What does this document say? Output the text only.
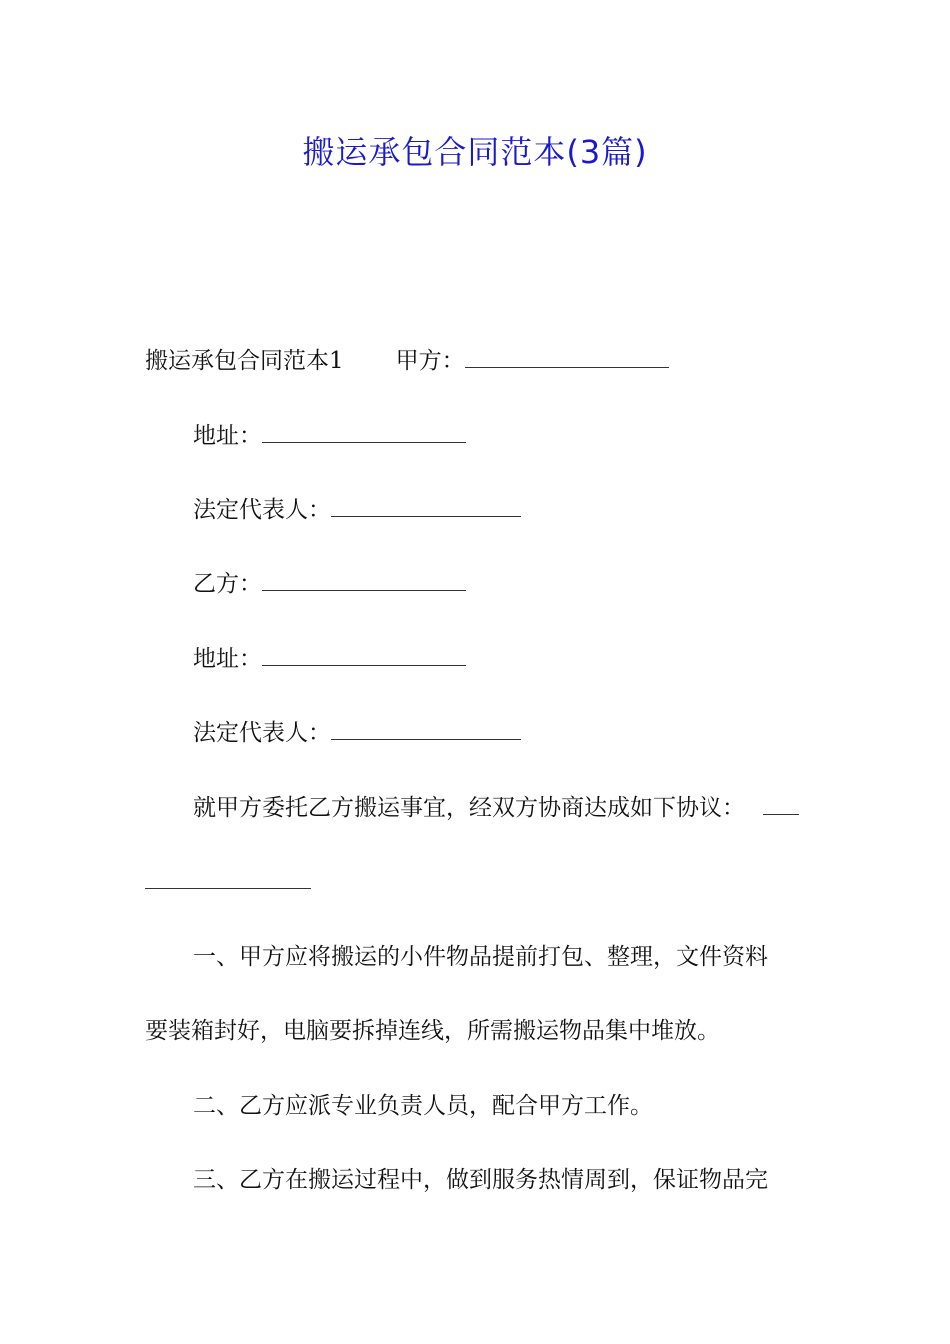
搬运承包合同范本(3篇)
搬运承包合同范本1 甲方：
地址：
法定代表人：
乙方：
地址：
法定代表人：
就甲方委托乙方搬运事宜，经双方协商达成如下协议：
一、甲方应将搬运的小件物品提前打包、整理，文件资料
要装箱封好，电脑要拆掉连线，所需搬运物品集中堆放。
二、乙方应派专业负责人员，配合甲方工作。
三、乙方在搬运过程中，做到服务热情周到，保证物品完
